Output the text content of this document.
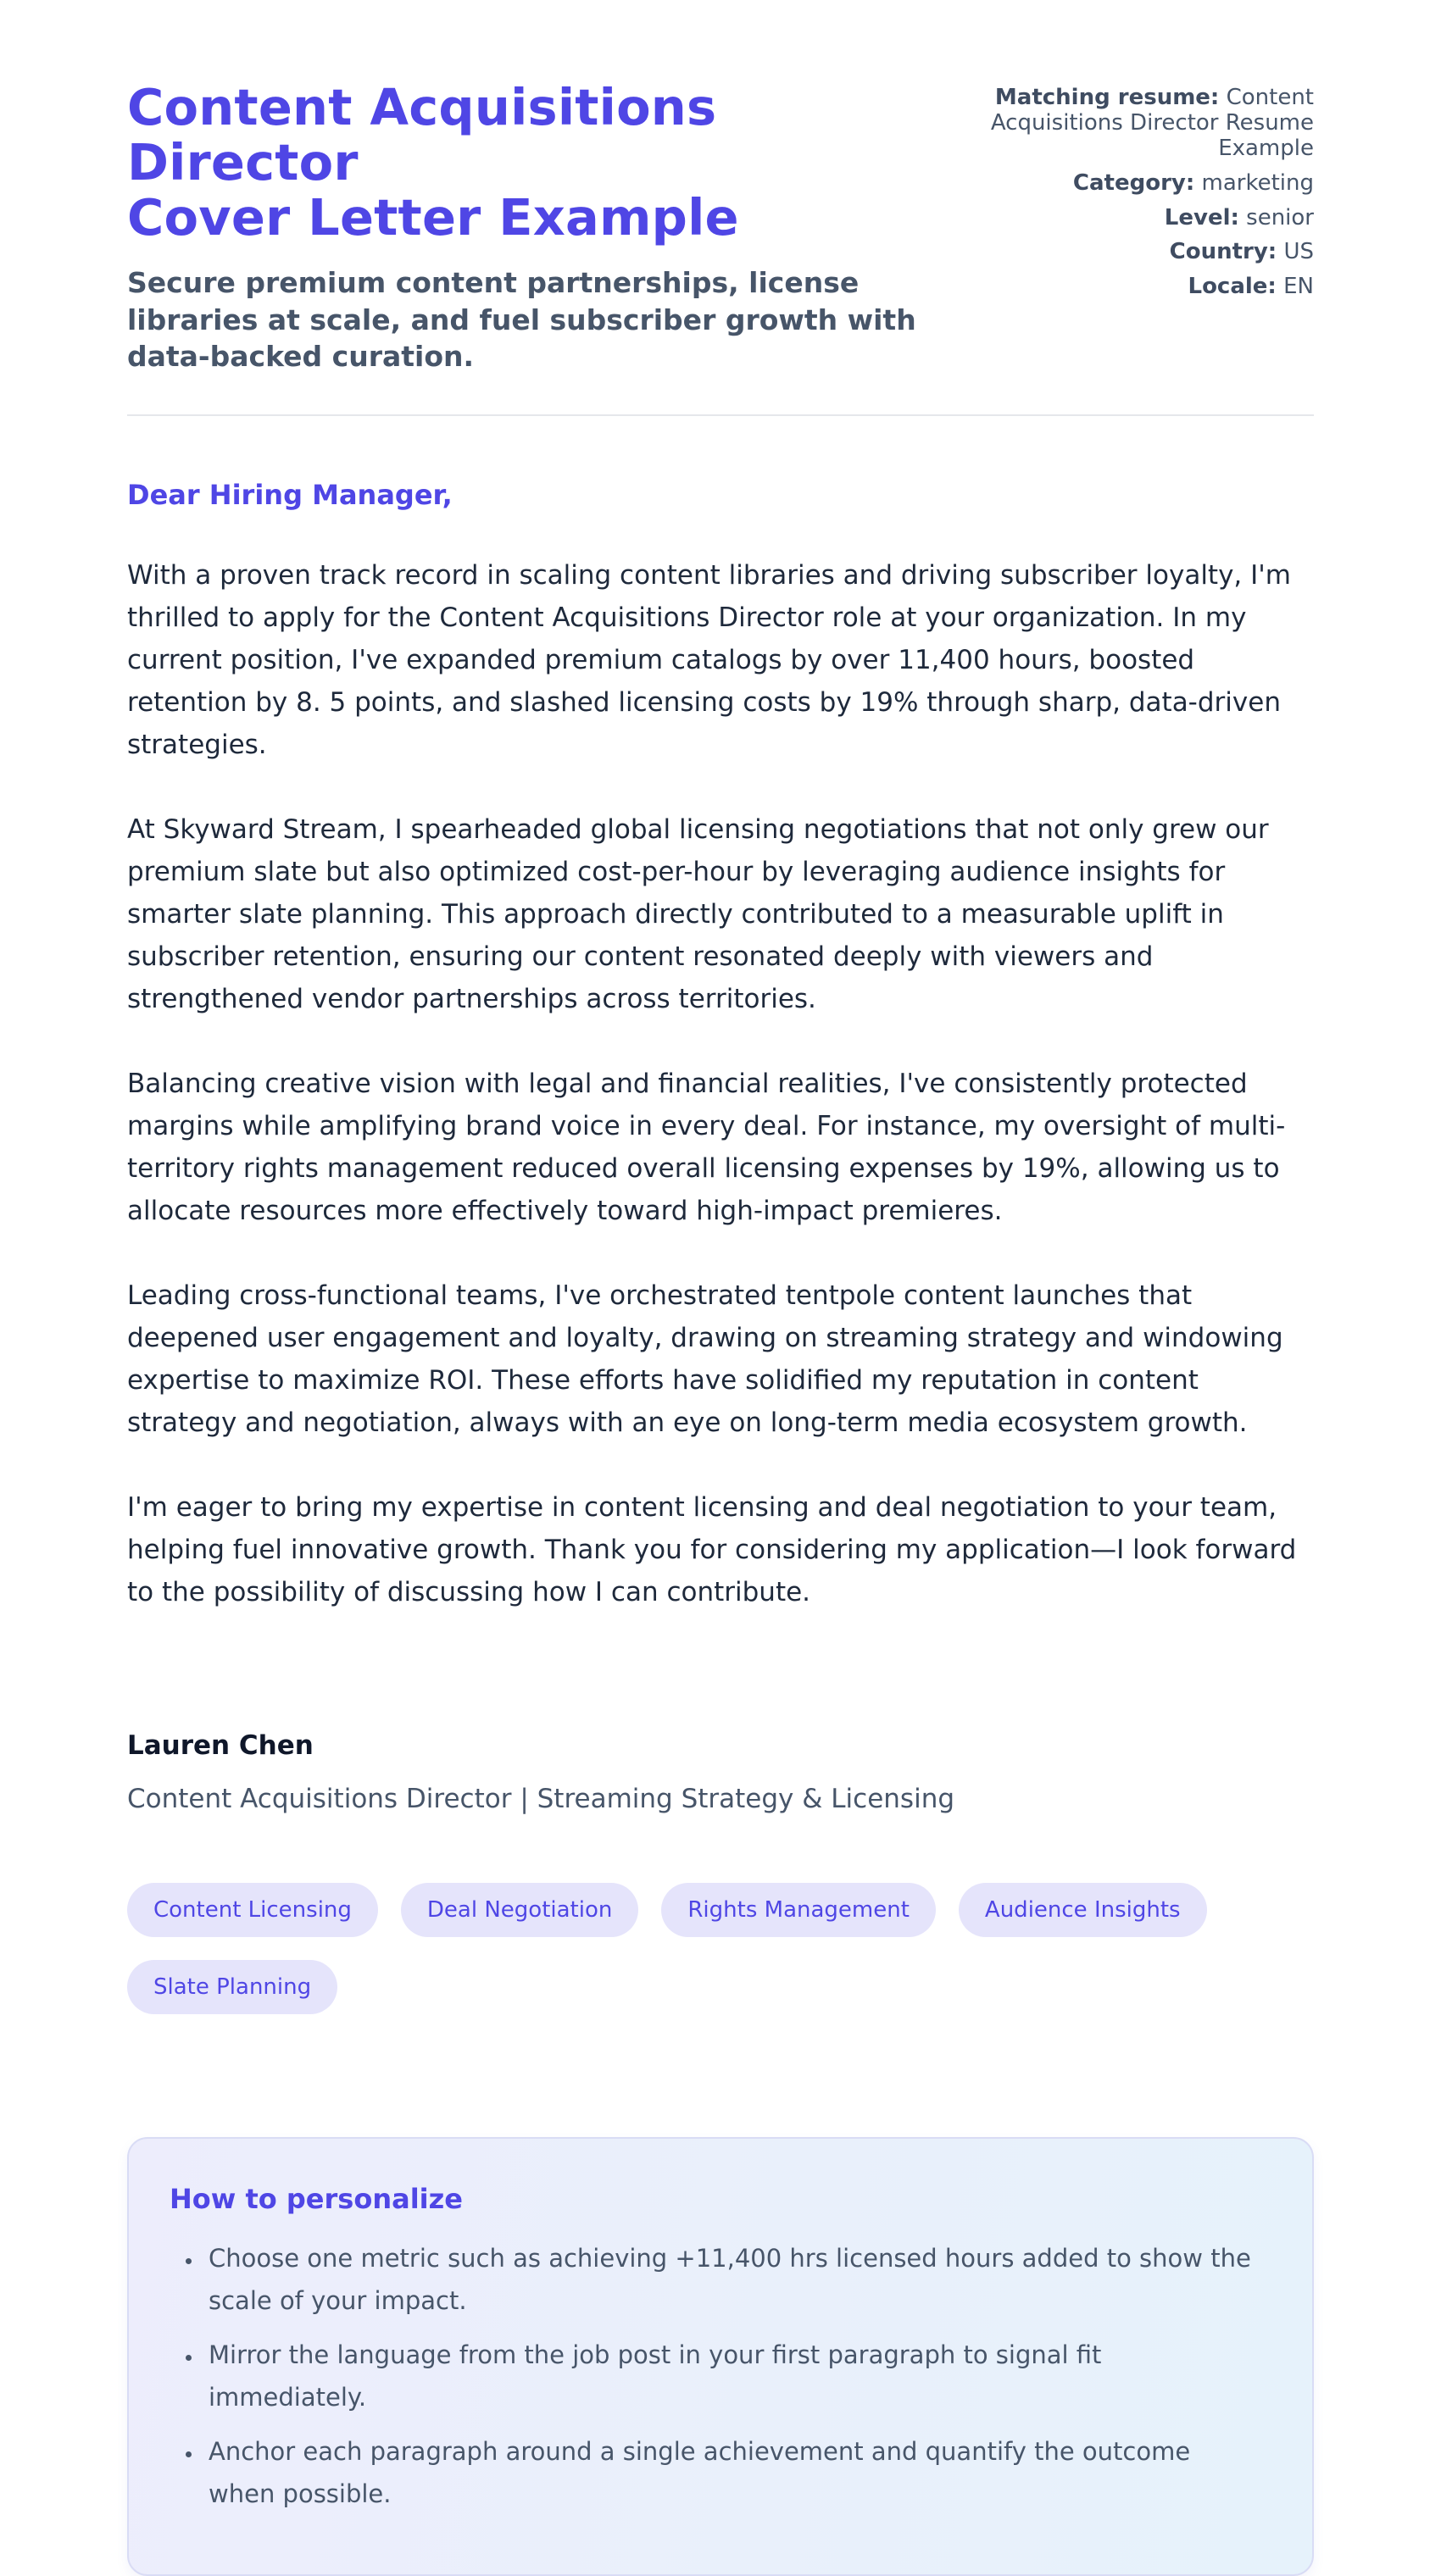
Content Acquisitions Director
Cover Letter Example
Secure premium content partnerships, license libraries at scale, and fuel subscriber growth with data-backed curation.
Matching resume: Content Acquisitions Director Resume Example
Category: marketing
Level: senior
Country: US
Locale: EN
Dear Hiring Manager,

With a proven track record in scaling content libraries and driving subscriber loyalty, I'm thrilled to apply for the Content Acquisitions Director role at your organization. In my current position, I've expanded premium catalogs by over 11,400 hours, boosted retention by 8. 5 points, and slashed licensing costs by 19% through sharp, data-driven strategies.

At Skyward Stream, I spearheaded global licensing negotiations that not only grew our premium slate but also optimized cost-per-hour by leveraging audience insights for smarter slate planning. This approach directly contributed to a measurable uplift in subscriber retention, ensuring our content resonated deeply with viewers and strengthened vendor partnerships across territories.

Balancing creative vision with legal and financial realities, I've consistently protected margins while amplifying brand voice in every deal. For instance, my oversight of multi-territory rights management reduced overall licensing expenses by 19%, allowing us to allocate resources more effectively toward high-impact premieres.

Leading cross-functional teams, I've orchestrated tentpole content launches that deepened user engagement and loyalty, drawing on streaming strategy and windowing expertise to maximize ROI. These efforts have solidified my reputation in content strategy and negotiation, always with an eye on long-term media ecosystem growth.

I'm eager to bring my expertise in content licensing and deal negotiation to your team, helping fuel innovative growth. Thank you for considering my application—I look forward to the possibility of discussing how I can contribute.

Lauren Chen
Content Acquisitions Director | Streaming Strategy & Licensing
Content Licensing	Deal Negotiation	Rights Management	Audience Insights
Slate Planning
How to personalize
• Choose one metric such as achieving +11,400 hrs licensed hours added to show the scale of your impact.
• Mirror the language from the job post in your first paragraph to signal fit immediately.
• Anchor each paragraph around a single achievement and quantify the outcome when possible.
